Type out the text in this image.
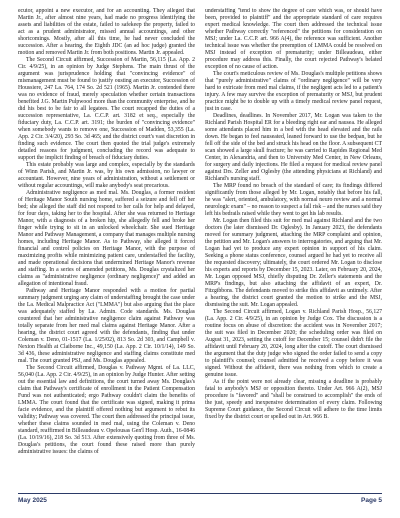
ecutor, appoint a new executor, and for an accounting. They alleged that Martin Jr., after almost nine years, had made no progress identifying the assets and liabilities of the estate, failed to safekeep the property, failed to act as a prudent administrator, missed annual accountings, and other shortcomings. Mostly, after all this time, he had never concluded the succession. After a hearing, the Eighth JDC (an ad hoc judge) granted the motion and removed Martin Jr. from both positions. Martin Jr. appealed.

The Second Circuit affirmed, Succession of Martin, 56,115 (La. App. 2 Cir. 4/9/25), in an opinion by Judge Stephens. The main thrust of the argument was jurisprudence holding that "convincing evidence" of mismanagement must be found to justify ousting an executor, Succession of Houssiere, 247 La. 764, 174 So. 2d 521 (1965). Martin Jr. contended there was no evidence of fraud, merely speculation whether certain transactions benefited J.G. Martin Pulpwood more than the community enterprise, and he did his best to be fair to all legatees. The court recapped the duties of a succession representative, La. C.C.P. art. 3182 et seq., especially the fiduciary duty, La. C.C.P. art. 3191; the burden of "convincing evidence" when somebody wants to remove one, Succession of Madden, 53,355 (La. App. 2 Cir. 3/4/20), 293 So. 3d 465; and the district court's vast discretion in finding such evidence. The court then quoted the trial judge's extremely detailed reasons for judgment, concluding the record was adequate to support the implicit finding of breach of fiduciary duties.

This estate probably was large and complex, especially by the standards of Winn Parish, and Martin Jr. was, by his own admission, no lawyer or accountant. However, nine years of administration, without a settlement or without regular accountings, will make anybody's seat precarious.

Administrative negligence as med mal. Ms. Douglas, a former resident of Heritage Manor South nursing home, suffered a seizure and fell off her bed; she alleged the staff did not respond to her calls for help and delayed, for four days, taking her to the hospital. After she was returned to Heritage Manor, with a diagnosis of a broken hip, she allegedly fell and broke her finger while trying to sit in an unlocked wheelchair. She sued Heritage Manor and Pathway Management, a company that manages multiple nursing homes, including Heritage Manor. As to Pathway, she alleged it forced financial and control policies on Heritage Manor, with the purpose of maximizing profits while minimizing patient care, understaffed the facility, and made operational decisions that undermined Heritage Manor's revenue and staffing. In a series of amended petitions, Ms. Douglas crystalized her claims as "administrative negligence (ordinary negligence)" and added an allegation of intentional fraud.

Pathway and Heritage Manor responded with a motion for partial summary judgment urging any claim of understaffing brought the case under the La. Medical Malpractice Act ("LMMA") but also arguing that the place was adequately staffed by La. Admin. Code standards. Ms. Douglas countered that her administrative negligence claim against Pathway was totally separate from her med mal claims against Heritage Manor. After a hearing, the district court agreed with the defendants, finding that under Coleman v. Deno, 01-1517 (La. 1/25/02), 813 So. 2d 303, and Campbell v. Nexion Health at Claiborne Inc., 49,150 (La. App. 2 Cir. 10/1/14), 149 So. 3d 436, these administrative negligence and staffing claims constitute med mal. The court granted PSJ, and Ms. Douglas appealed.

The Second Circuit affirmed, Douglas v. Pathway Mgmt. of La. LLC, 56,040 (La. App. 2 Cir. 4/9/25), in an opinion by Judge Hunter. After setting out the essential law and definitions, the court turned away Ms. Douglas's claim that Pathway's certificate of enrollment in the Patient Compensation Fund was not authenticated; ergo Pathway couldn't claim the benefits of LMMA. The court found that the certificate was signed, making it prima facie evidence, and the plaintiff offered nothing but argument to rebut its validity; Pathway was covered. The court then addressed the principal issue, whether these claims sounded in med mal, using the Coleman v. Deno standard, reaffirmed in Billeaudeau v. Opelousas Gen'l Hosp. Auth., 16-0846 (La. 10/19/16), 218 So. 3d 513. After extensively quoting from three of Ms. Douglas's petitions, the court found these raised more than purely administrative issues: the claims of

understaffing "tend to show the degree of care which was, or should have been, provided to plaintiff" and the appropriate standard of care requires expert medical knowledge. The court then addressed the technical issue whether Pathway correctly "referenced" the petitions for consideration on MSJ; under La. C.C.P. art. 966 A(4), the reference was sufficient. Another technical issue was whether the preemption of LMMA could be resolved on MSJ instead of exception of prematurity; under Billeaudeau, either procedure may address this. Finally, the court rejected Pathway's belated exception of no cause of action.

The court's meticulous review of Ms. Douglas's multiple petitions shows that "purely administrative" claims of "ordinary negligence" will be very hard to extricate from med mal claims, if the negligent acts led to a patient's injury. A few may survive the exception of prematurity or MSJ, but prudent practice might be to double up with a timely medical review panel request, just in case.

Deadlines, deadlines. In November 2017, Mr. Logan was taken to the Richland Parish Hospital ER for a bleeding right ear and nausea. He alleged some attendants placed him in a bed with the head elevated and the rails down. He began to feel nauseated, leaned forward to use the bedpan, but he fell off the side of the bed and struck his head on the floor. A subsequent CT scan showed a large skull fracture; he was carried to Rapides Regional Med Center, in Alexandria, and then to University Med Center, in New Orleans, for surgery and daily injections. He filed a request for medical review panel against Drs. Zeller and Oglesby (the attending physicians at Richland) and Richland's nursing staff.

The MRP found no breach of the standard of care; its findings differed significantly from those alleged by Mr. Logan, notably that before his fall, he was "alert, oriented, ambulatory, with normal neuro review and a normal neurologic exam" – no reason to suspect a fall risk – and the nurses said they left his bedrails raised while they went to get his lab results.

Mr. Logan then filed this suit for med mal against Richland and the two doctors (he later dismissed Dr. Oglesby). In January 2023, the defendants moved for summary judgment, attaching the MRP complaint and opinion, the petition and Mr. Logan's answers to interrogatories, and arguing that Mr. Logan had yet to produce any expert opinion in support of his claim. Seeking a phone status conference, counsel argued he had yet to receive all the requested discovery; ultimately, the court ordered Mr. Logan to disclose his experts and reports by December 15, 2023. Later, on February 20, 2024, Mr. Logan opposed MSJ, chiefly disputing Dr. Zeller's statements and the MRP's findings, but also attaching the affidavit of an expert, Dr. Fitzgibbons. The defendants moved to strike this affidavit as untimely. After a hearing, the district court granted the motion to strike and the MSJ, dismissing the suit. Mr. Logan appealed.

The Second Circuit affirmed, Logan v. Richland Parish Hosp., 56,127 (La. App. 2 Cir. 4/9/25), in an opinion by Judge Cox. The discussion is a routine focus on abuse of discretion: the accident was in November 2017; the suit was filed in December 2020; the scheduling order was filed on August 31, 2023, setting the cutoff for December 15; counsel didn't file the affidavit until February 20, 2024, long after the cutoff. The court dismissed the argument that the duty judge who signed the order failed to send a copy to plaintiff's counsel; counsel admitted he received a copy before it was signed. Without the affidavit, there was nothing from which to create a genuine issue.

As if the point were not already clear, missing a deadline is probably fatal to anybody's MSJ or opposition thereto. Under Art. 966 A(2), MSJ procedure is "favored" and "shall be construed to accomplish" the ends of the just, speedy and inexpensive determination of every claim. Following Supreme Court guidance, the Second Circuit will adhere to the time limits fixed by the district court or spelled out in Art. 966 B.

May 2025	Page 5
